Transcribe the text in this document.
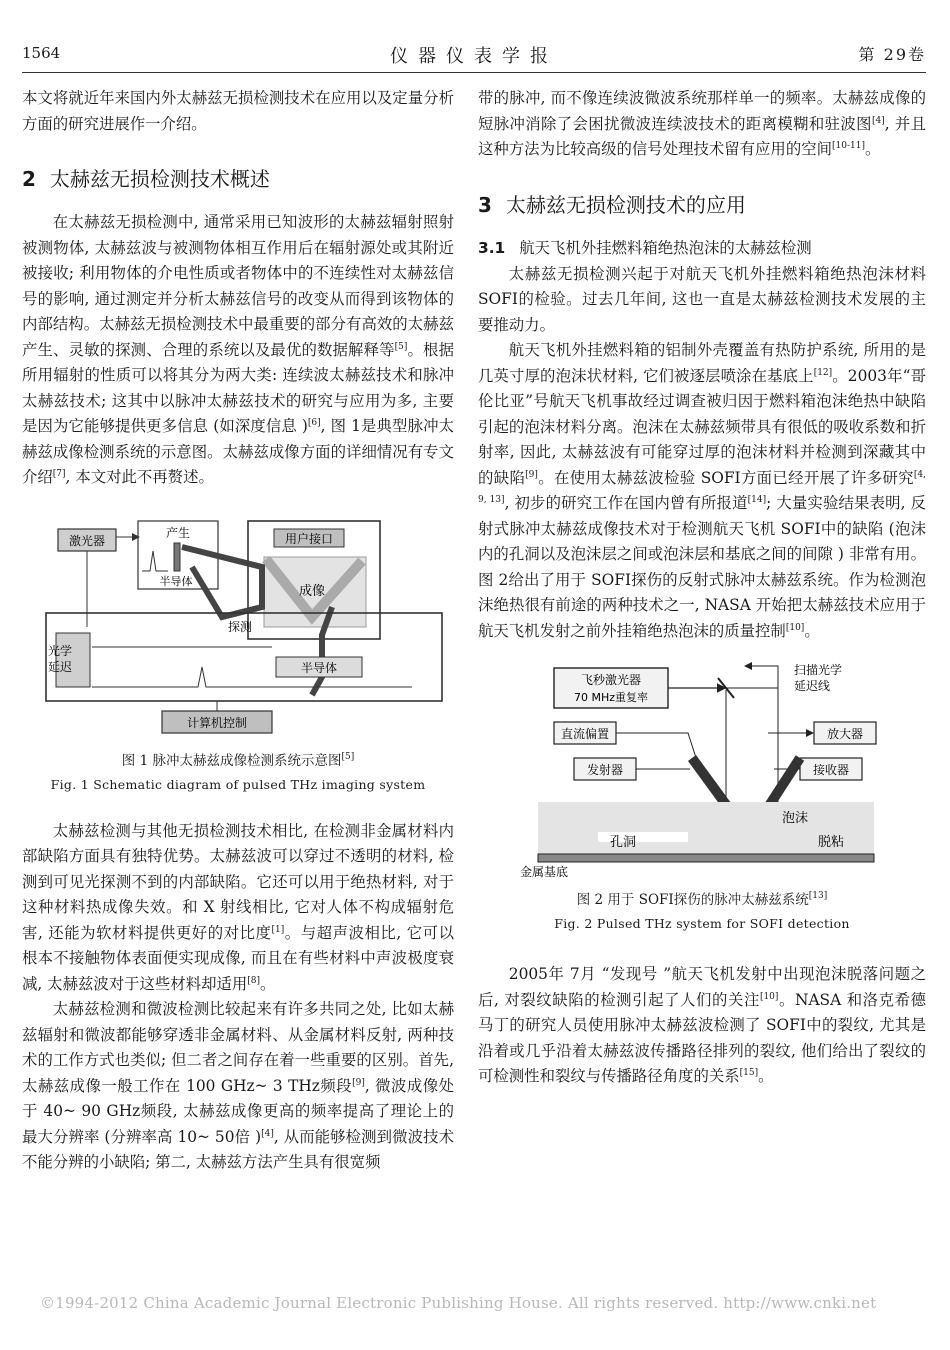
1564	仪器仪表学报	第 29卷

本文将就近年来国内外太赫兹无损检测技术在应用以及定量分析方面的研究进展作一介绍。

2 太赫兹无损检测技术概述

在太赫兹无损检测中, 通常采用已知波形的太赫兹辐射照射被测物体, 太赫兹波与被测物体相互作用后在辐射源处或其附近被接收; 利用物体的介电性质或者物体中的不连续性对太赫兹信号的影响, 通过测定并分析太赫兹信号的改变从而得到该物体的内部结构。太赫兹无损检测技术中最重要的部分有高效的太赫兹产生、灵敏的探测、合理的系统以及最优的数据解释等[5]。根据所用辐射的性质可以将其分为两大类: 连续波太赫兹技术和脉冲太赫兹技术; 这其中以脉冲太赫兹技术的研究与应用为多, 主要是因为它能够提供更多信息 (如深度信息 )[6], 图 1是典型脉冲太赫兹成像检测系统的示意图。太赫兹成像方面的详细情况有专文介绍[7], 本文对此不再赘述。

激光器
产生
半导体
用户接口
成像
探测
光学
延迟	半导体
计算机控制

图 1 脉冲太赫兹成像检测系统示意图[5]

Fig. 1 Schematic diagram of pulsed THz imaging system

太赫兹检测与其他无损检测技术相比, 在检测非金属材料内部缺陷方面具有独特优势。太赫兹波可以穿过不透明的材料, 检测到可见光探测不到的内部缺陷。它还可以用于绝热材料, 对于这种材料热成像失效。和 X 射线相比, 它对人体不构成辐射危害, 还能为软材料提供更好的对比度[1]。与超声波相比, 它可以根本不接触物体表面便实现成像, 而且在有些材料中声波极度衰减, 太赫兹波对于这些材料却适用[8]。

太赫兹检测和微波检测比较起来有许多共同之处, 比如太赫兹辐射和微波都能够穿透非金属材料、从金属材料反射, 两种技术的工作方式也类似; 但二者之间存在着一些重要的区别。首先, 太赫兹成像一般工作在 100 GHz~ 3 THz频段[9], 微波成像处于 40~ 90 GHz频段, 太赫兹成像更高的频率提高了理论上的最大分辨率 (分辨率高 10~ 50倍 )[4], 从而能够检测到微波技术不能分辨的小缺陷; 第二, 太赫兹方法产生具有很宽频

带的脉冲, 而不像连续波微波系统那样单一的频率。太赫兹成像的短脉冲消除了会困扰微波连续波技术的距离模糊和驻波图[4], 并且这种方法为比较高级的信号处理技术留有应用的空间[10-11]。

3 太赫兹无损检测技术的应用
3.1 航天飞机外挂燃料箱绝热泡沫的太赫兹检测

太赫兹无损检测兴起于对航天飞机外挂燃料箱绝热泡沫材料 SOFI的检验。过去几年间, 这也一直是太赫兹检测技术发展的主要推动力。

航天飞机外挂燃料箱的铝制外壳覆盖有热防护系统, 所用的是几英寸厚的泡沫状材料, 它们被逐层喷涂在基底上[12]。2003年“哥伦比亚”号航天飞机事故经过调查被归因于燃料箱泡沫绝热中缺陷引起的泡沫材料分离。泡沫在太赫兹频带具有很低的吸收系数和折射率, 因此, 太赫兹波有可能穿过厚的泡沫材料并检测到深藏其中的缺陷[9]。在使用太赫兹波检验 SOFI方面已经开展了许多研究[4, 9, 13], 初步的研究工作在国内曾有所报道[14]; 大量实验结果表明, 反射式脉冲太赫兹成像技术对于检测航天飞机 SOFI中的缺陷 (泡沫内的孔洞以及泡沫层之间或泡沫层和基底之间的间隙 ) 非常有用。图 2给出了用于 SOFI探伤的反射式脉冲太赫兹系统。作为检测泡沫绝热很有前途的两种技术之一, NASA 开始把太赫兹技术应用于航天飞机发射之前外挂箱绝热泡沫的质量控制[10]。

飞秒激光器
70 MHz重复率
扫描光学
延迟线
直流偏置	放大器
发射器	接收器
泡沫
孔洞	脱粘
金属基底

图 2 用于 SOFI探伤的脉冲太赫兹系统[13]

Fig. 2 Pulsed THz system for SOFI detection

2005年 7月 “发现号 ”航天飞机发射中出现泡沫脱落问题之后, 对裂纹缺陷的检测引起了人们的关注[10]。NASA 和洛克希德马丁的研究人员使用脉冲太赫兹波检测了 SOFI中的裂纹, 尤其是沿着或几乎沿着太赫兹波传播路径排列的裂纹, 他们给出了裂纹的可检测性和裂纹与传播路径角度的关系[15]。

©1994-2012 China Academic Journal Electronic Publishing House. All rights reserved. http://www.cnki.net
